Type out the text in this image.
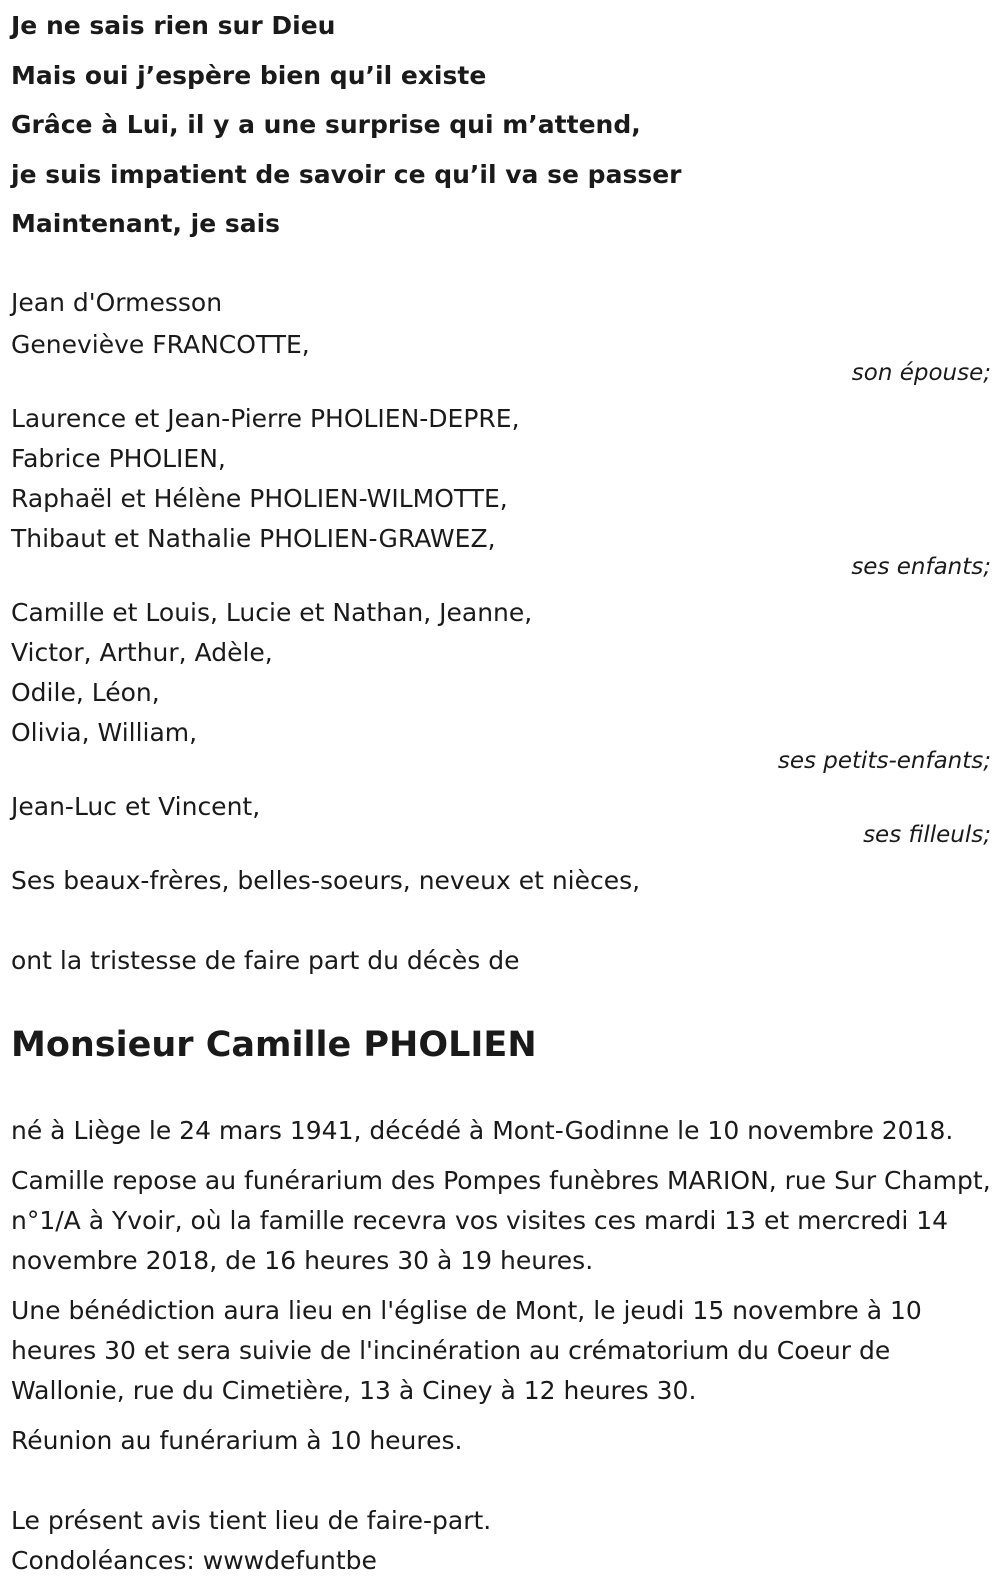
Je ne sais rien sur Dieu
Mais oui j’espère bien qu’il existe
Grâce à Lui, il y a une surprise qui m’attend,
je suis impatient de savoir ce qu’il va se passer
Maintenant, je sais
Jean d'Ormesson
Geneviève FRANCOTTE,
son épouse;
Laurence et Jean-Pierre PHOLIEN-DEPRE,
Fabrice PHOLIEN,
Raphaël et Hélène PHOLIEN-WILMOTTE,
Thibaut et Nathalie PHOLIEN-GRAWEZ,
ses enfants;
Camille et Louis, Lucie et Nathan, Jeanne,
Victor, Arthur, Adèle,
Odile, Léon,
Olivia, William,
ses petits-enfants;
Jean-Luc et Vincent,
ses filleuls;
Ses beaux-frères, belles-soeurs, neveux et nièces,
ont la tristesse de faire part du décès de
Monsieur Camille PHOLIEN
né à Liège le 24 mars 1941, décédé à Mont-Godinne le 10 novembre 2018.
Camille repose au funérarium des Pompes funèbres MARION, rue Sur Champt, n°1/A à Yvoir, où la famille recevra vos visites ces mardi 13 et mercredi 14 novembre 2018, de 16 heures 30 à 19 heures.
Une bénédiction aura lieu en l'église de Mont, le jeudi 15 novembre à 10 heures 30 et sera suivie de l'incinération au crématorium du Coeur de Wallonie, rue du Cimetière, 13 à Ciney à 12 heures 30.
Réunion au funérarium à 10 heures.
Le présent avis tient lieu de faire-part.
Condoléances: wwwdefuntbe
